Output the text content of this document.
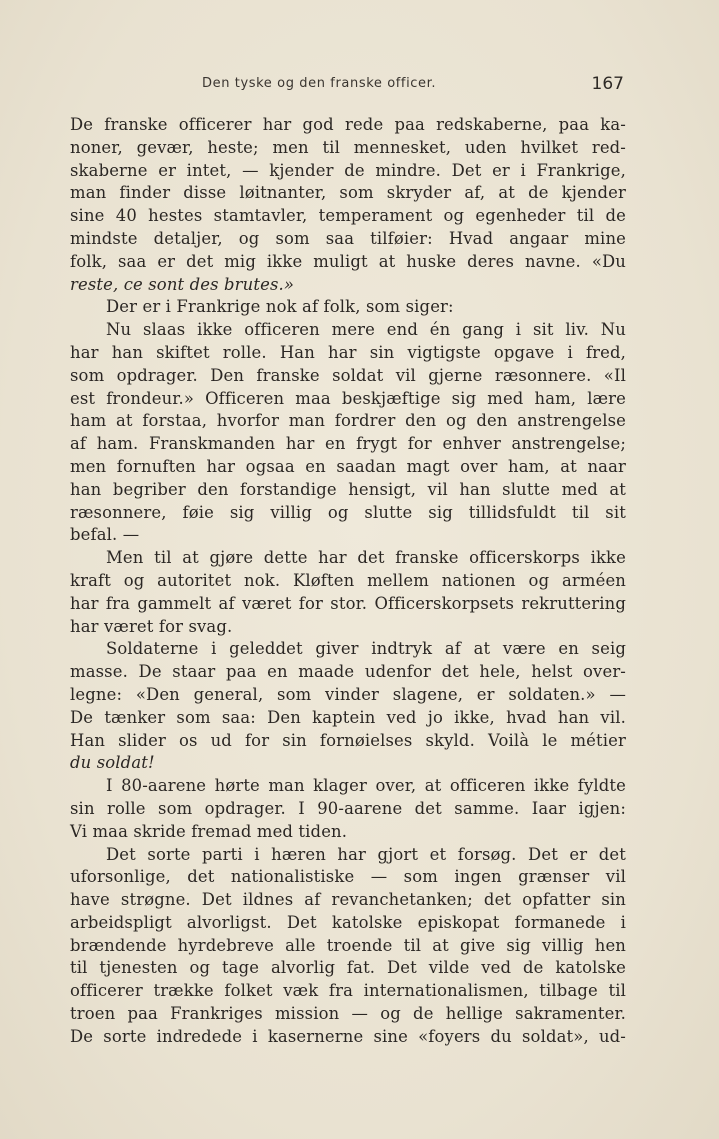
Den tyske og den franske officer.	167
De franske officerer har god rede paa redskaberne, paa ka-
noner, gevær, heste; men til mennesket, uden hvilket red-
skaberne er intet, — kjender de mindre. Det er i Frankrige,
man finder disse løitnanter, som skryder af, at de kjender
sine 40 hestes stamtavler, temperament og egenheder til de
mindste detaljer, og som saa tilføier: Hvad angaar mine
folk, saa er det mig ikke muligt at huske deres navne. «Du
reste, ce sont des brutes.»
Der er i Frankrige nok af folk, som siger:
Nu slaas ikke officeren mere end én gang i sit liv. Nu
har han skiftet rolle. Han har sin vigtigste opgave i fred,
som opdrager. Den franske soldat vil gjerne ræsonnere. «Il
est frondeur.» Officeren maa beskjæftige sig med ham, lære
ham at forstaa, hvorfor man fordrer den og den anstrengelse
af ham. Franskmanden har en frygt for enhver anstrengelse;
men fornuften har ogsaa en saadan magt over ham, at naar
han begriber den forstandige hensigt, vil han slutte med at
ræsonnere, føie sig villig og slutte sig tillidsfuldt til sit
befal. —
Men til at gjøre dette har det franske officerskorps ikke
kraft og autoritet nok. Kløften mellem nationen og arméen
har fra gammelt af været for stor. Officerskorpsets rekruttering
har været for svag.
Soldaterne i geleddet giver indtryk af at være en seig
masse. De staar paa en maade udenfor det hele, helst over-
legne: «Den general, som vinder slagene, er soldaten.» —
De tænker som saa: Den kaptein ved jo ikke, hvad han vil.
Han slider os ud for sin fornøielses skyld. Voilà le métier
du soldat!
I 80-aarene hørte man klager over, at officeren ikke fyldte
sin rolle som opdrager. I 90-aarene det samme. Iaar igjen:
Vi maa skride fremad med tiden.
Det sorte parti i hæren har gjort et forsøg. Det er det
uforsonlige, det nationalistiske — som ingen grænser vil
have strøgne. Det ildnes af revanchetanken; det opfatter sin
arbeidspligt alvorligst. Det katolske episkopat formanede i
brændende hyrdebreve alle troende til at give sig villig hen
til tjenesten og tage alvorlig fat. Det vilde ved de katolske
officerer trække folket væk fra internationalismen, tilbage til
troen paa Frankriges mission — og de hellige sakramenter.
De sorte indrededе i kasernerne sine «foyers du soldat», ud-
